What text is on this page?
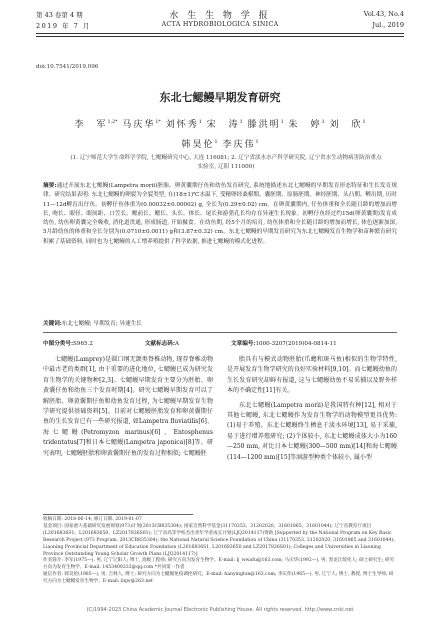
第 43 卷第 4 期
2019 年 7 月
水 生 生 物 学 报
ACTA HYDROBIOLOGICA SINICA
Vol.43, No.4
Jul., 2019
doi:10.7541/2019.096
东北七鳃鳗早期发育研究
李　军$^{1,2*}$ 马庆华$^{1*}$ 刘怀秀$^1$ 宋　涛$^1$ 滕洪明$^1$ 朱　婷$^1$ 刘　欣$^1$
韩昊伦$^1$ 李庆伟$^1$
(1. 辽宁师范大学生命科学学院, 七鳃鳗研究中心, 大连 116081; 2. 辽宁省淡水水产科学研究院, 辽宁省水生动物病害防治重点实验室, 辽阳 111000)
摘要:通过开展东北七鳃鳗(Lampetra morii)胚胎、卵黄囊期仔鱼和幼鱼发育研究, 系统地描述东北七鳃鳗的早期发育形态特征和生长发育规律。研究结果表明: 东北七鳃鳗的卵裂为全裂类型, 在(18±1)℃水温下, 受精卵经桑椹期、囊胚期、原肠胚期、神经胚期、头凸期、孵出期, 历时11—12d孵育出仔鱼。初孵仔鱼体重为(0.00032±0.00002) g, 全长为(0.29±0.02) cm。在卵黄囊期内, 仔鱼体重和全长随日龄的增加而增长, 吻长、眼径、眼间距、口笠长、鳃前长、鳃长、头长、体长、尾长和游猎孔长均存在异速生长现象。初孵仔鱼经过约15d(卵黄囊期)发育成幼鱼, 幼鱼卵黄囊完全吸收, 消化道贯通, 形成肠道, 开始摄食。在幼鱼期, 经5个月的培育, 幼鱼体重和全长随日龄的增加而增长, 体色逐渐加深, 5月龄幼鱼的体重和全长分别为(0.0710±0.0011) g和(3.87±0.32) cm。东北七鳃鳗的早期发育研究为东北七鳃鳗发育生物学和苗种繁育研究积累了基础资料, 同时也为七鳃鳗的人工增养殖提供了科学依据, 推进七鳃鳗的模式化进程。
关键词:东北七鳃鳗; 早期发育; 异速生长
中图分类号:S965.2	文献标志码:A	文章编号:1000-3207(2019)04-0814-11
七鳃鳗(Lamprey)是圆口纲无颌类脊椎动物, 现存脊椎动物中最古老的类群[1], 由于重要的进化地位, 七鳃鳗已成为研究发育生物学的关键物种[2,3]。七鳃鳗早期发育主要分为胚胎、卵黄囊仔鱼和幼鱼三个发育时期[4]。研究七鳃鳗早期发育可以了解胚胎、卵黄囊期仔鱼和幼鱼发育过程, 为七鳃鳗早期发育生物学研究提供基础资料[5]。目前对七鳃鳗胚胎发育和卵黄囊期仔鱼的生长发育已有一些研究报道, 如Lampetra fluviatilis[6]、海七鳃鳗(Petromyzon marinus)[6]、Entosphenus tridentatus[7]和日本七鳃鳗(Lampetra japonica)[8]等。研究表明, 七鳃鳗胚胎和卵黄囊期仔鱼的发育过程相似; 七鳃鳗胚

胎具有与模式动物胚胎(爪蟾和斑马鱼)相似的生物学特性, 是开展发育生物学研究的良好实验材料[9,10]。而七鳃鳗幼鱼的生长发育研究却鲜有报道, 这与七鳃鳗幼鱼不易采捕以及野外样本的不确定性[11]有关。

东北七鳃鳗(Lampetra morii)是我国特有种[12], 相对于其他七鳃鳗, 东北七鳃鳗作为发育生物学的动物模型更具优势: (1)易于养殖。东北七鳃鳗终生栖息于淡水环境[13], 易于采捕, 易于进行增养殖研究; (2)个体较小, 东北七鳃鳗成体大小为160—250 mm, 对比日本七鳃鳗(300—500 mm)[14]和海七鳃鳗(114—1200 mm)[15]等洄游型种类个体较小, 属小型

收稿日期: 2018-06-14; 修订日期: 2019-01-07
基金项目: 国家重大基础研究发展规划(973)计划(2013CB835304); 国家自然科学基金(31170353、31202020、31601865、31601044); 辽宁省教育厅项目(L2016836S1、L201683650、LZ2017836S01); 辽宁省高等学校杰出青年学者成长计划(LJQ2014117)资助 [Supported by the National Program on Key Basic Research Project (973 Program, 2013CB835304); the National Natural Science Foundation of China (31170353, 31202020, 31601865 and 31601044); Liaoning Provincial Department of Education Foundation (L2016836S1, L201683650 and LZ2017836S01); Colleges and Universities in Liaoning Province Outstanding Young Scholar Growth Plans (LJQ2014117)]
作者简介: 李军(1975—), 男, 辽宁辽阳人; 博士, 高级工程师; 研究方向为发育生物学。E-mail: lj_wwafu@163.com; 马庆华(1992—), 男, 黑龙江绥化人; 硕士研究生; 研究方向为发育生物学。E-mail: 1453409233@qq.com *共同第一作者
通信作者: 韩昊伦(1985—), 男, 吉林人, 博士; 研究方向为七鳃鳗免疫调控研究。E-mail: hanyinglun@163.com; 李庆伟(1965—), 男, 辽宁人; 博士, 教授, 博士生导师; 研究方向为七鳃鳗发育生物学。E-mail: liqw@263.net
(C)1994-2023 China Academic Journal Electronic Publishing House. All rights reserved. http://www.cnki.net
